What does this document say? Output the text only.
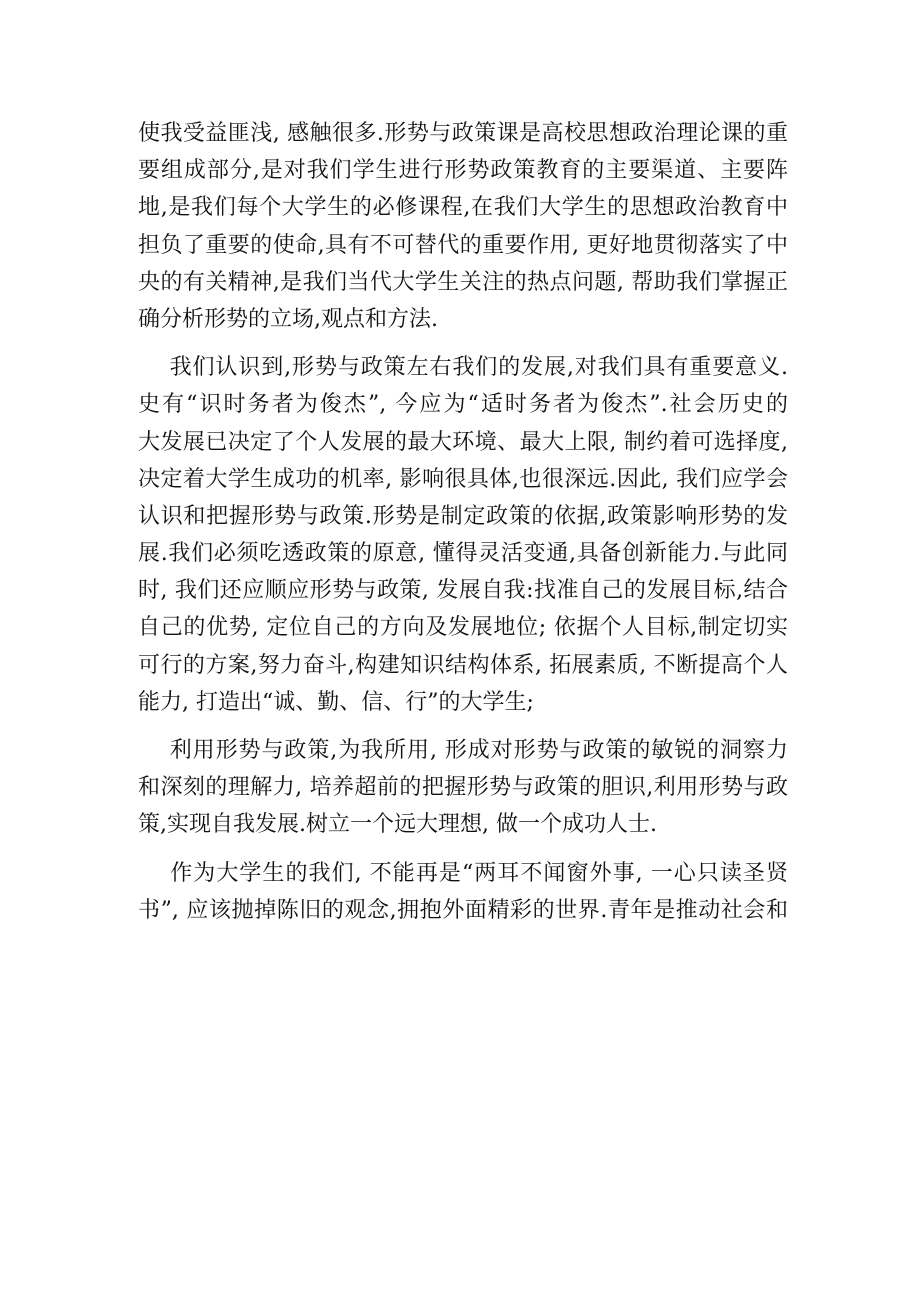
使我受益匪浅, 感触很多.形势与政策课是高校思想政治理论课的重
要组成部分,是对我们学生进行形势政策教育的主要渠道、主要阵
地,是我们每个大学生的必修课程,在我们大学生的思想政治教育中
担负了重要的使命,具有不可替代的重要作用, 更好地贯彻落实了中
央的有关精神,是我们当代大学生关注的热点问题, 帮助我们掌握正
确分析形势的立场,观点和方法.
我们认识到,形势与政策左右我们的发展,对我们具有重要意义.
史有“识时务者为俊杰”, 今应为“适时务者为俊杰”.社会历史的
大发展已决定了个人发展的最大环境、最大上限, 制约着可选择度,
决定着大学生成功的机率, 影响很具体,也很深远.因此, 我们应学会
认识和把握形势与政策.形势是制定政策的依据,政策影响形势的发
展.我们必须吃透政策的原意, 懂得灵活变通,具备创新能力.与此同
时, 我们还应顺应形势与政策, 发展自我:找准自己的发展目标,结合
自己的优势, 定位自己的方向及发展地位; 依据个人目标,制定切实
可行的方案,努力奋斗,构建知识结构体系, 拓展素质, 不断提高个人
能力, 打造出“诚、勤、信、行”的大学生;
利用形势与政策,为我所用, 形成对形势与政策的敏锐的洞察力
和深刻的理解力, 培养超前的把握形势与政策的胆识,利用形势与政
策,实现自我发展.树立一个远大理想, 做一个成功人士.
作为大学生的我们, 不能再是“两耳不闻窗外事, 一心只读圣贤
书”, 应该抛掉陈旧的观念,拥抱外面精彩的世界.青年是推动社会和
